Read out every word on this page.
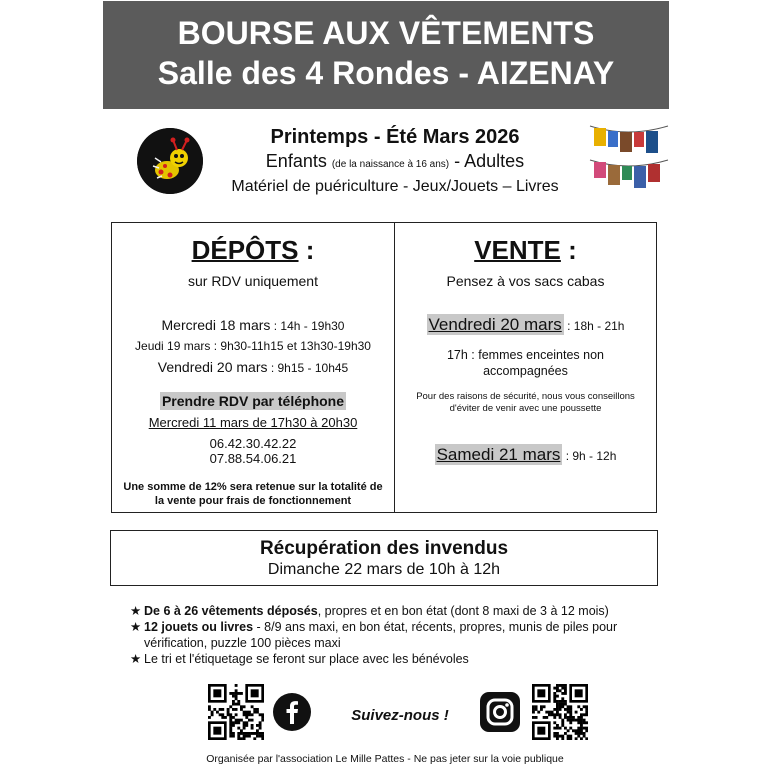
BOURSE AUX VÊTEMENTS
Salle des 4 Rondes - AIZENAY
Printemps - Été Mars 2026
Enfants (de la naissance à 16 ans) - Adultes
Matériel de puériculture - Jeux/Jouets – Livres
DÉPÔTS :
sur RDV uniquement
Mercredi 18 mars : 14h - 19h30
Jeudi 19 mars : 9h30-11h15 et 13h30-19h30
Vendredi 20 mars : 9h15 - 10h45
Prendre RDV par téléphone
Mercredi 11 mars de 17h30 à 20h30
06.42.30.42.22
07.88.54.06.21
Une somme de 12% sera retenue sur la totalité de
la vente pour frais de fonctionnement
VENTE :
Pensez à vos sacs cabas
Vendredi 20 mars : 18h - 21h
17h : femmes enceintes non
accompagnées
Pour des raisons de sécurité, nous vous conseillons
d'éviter de venir avec une poussette
Samedi 21 mars : 9h - 12h
Récupération des invendus
Dimanche 22 mars de 10h à 12h
★ De 6 à 26 vêtements déposés, propres et en bon état (dont 8 maxi de 3 à 12 mois)
★ 12 jouets ou livres - 8/9 ans maxi, en bon état, récents, propres, munis de piles pour vérification, puzzle 100 pièces maxi
★ Le tri et l'étiquetage se feront sur place avec les bénévoles
Suivez-nous !
Organisée par l'association Le Mille Pattes - Ne pas jeter sur la voie publique
